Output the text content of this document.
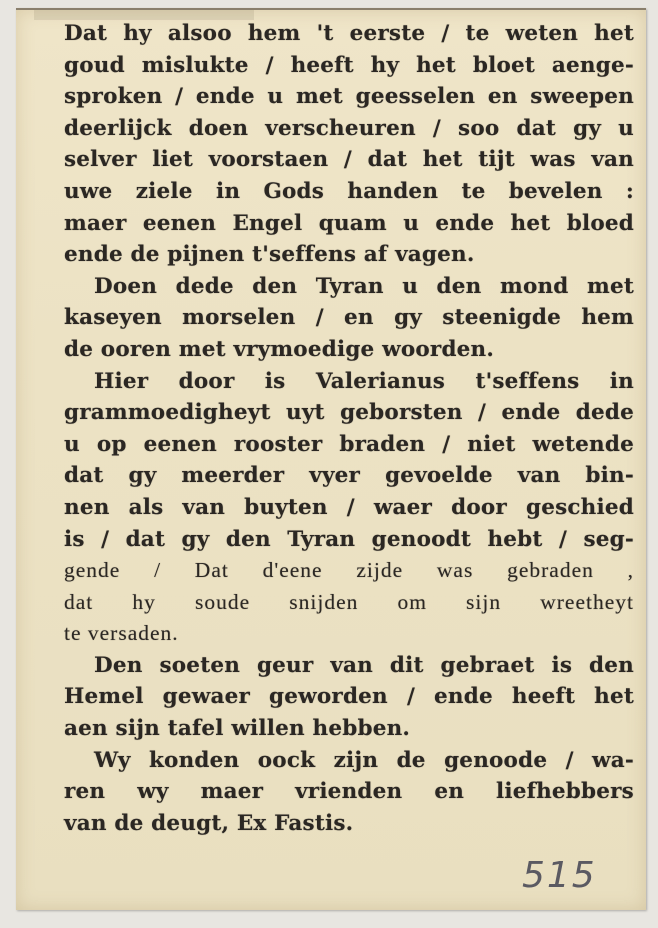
Dat hy alsoo hem 't eerste / te weten het
goud mislukte / heeft hy het bloet aenge-
sproken / ende u met geesselen en sweepen
deerlijck doen verscheuren / soo dat gy u
selver liet voorstaen / dat het tijt was van
uwe ziele in Gods handen te bevelen :
maer eenen Engel quam u ende het bloed
ende de pijnen t'seffens af vagen.
Doen dede den Tyran u den mond met
kaseyen morselen / en gy steenigde hem
de ooren met vrymoedige woorden.
Hier door is Valerianus t'seffens in
grammoedigheyt uyt geborsten / ende dede
u op eenen rooster braden / niet wetende
dat gy meerder vyer gevoelde van bin-
nen als van buyten / waer door geschied
is / dat gy den Tyran genoodt hebt / seg-
gende / Dat d'eene zijde was gebraden ,
dat hy soude snijden om sijn wreetheyt
te versaden.
Den soeten geur van dit gebraet is den
Hemel gewaer geworden / ende heeft het
aen sijn tafel willen hebben.
Wy konden oock zijn de genoode / wa-
ren wy maer vrienden en liefhebbers
van de deugt, Ex Fastis.
515
